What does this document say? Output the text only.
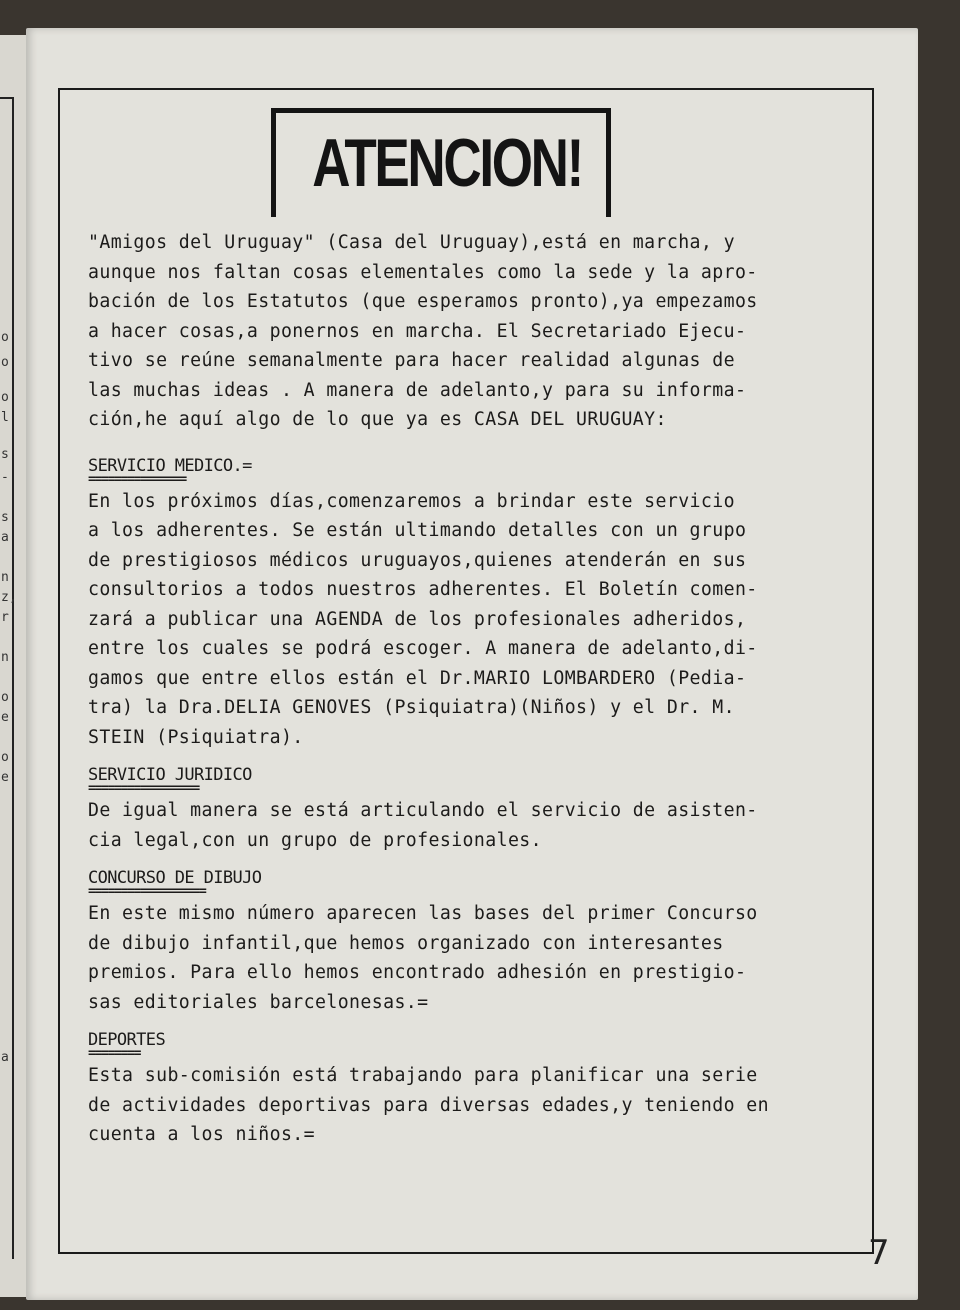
o
o
o
l
s
-
s
a
n
z,
r
n
o
e
o
e
a
ATENCION!
"Amigos del Uruguay" (Casa del Uruguay),está en marcha, y
aunque nos faltan cosas elementales como la sede y la apro-
bación de los Estatutos (que esperamos pronto),ya empezamos
a hacer cosas,a ponernos en marcha. El Secretariado Ejecu-
tivo se reúne semanalmente para hacer realidad algunas de
las muchas ideas . A manera de adelanto,y para su informa-
ción,he aquí algo de lo que ya es CASA DEL URUGUAY:
SERVICIO MEDICO.=
===============
En los próximos días,comenzaremos a brindar este servicio
a los adherentes. Se están ultimando detalles con un grupo
de prestigiosos médicos uruguayos,quienes atenderán en sus
consultorios a todos nuestros adherentes. El Boletín comen-
zará a publicar una AGENDA de los profesionales adheridos,
entre los cuales se podrá escoger. A manera de adelanto,di-
gamos que entre ellos están el Dr.MARIO LOMBARDERO (Pedia-
tra) la Dra.DELIA GENOVES (Psiquiatra)(Niños) y el Dr. M.
STEIN (Psiquiatra).
SERVICIO JURIDICO
=================
De igual manera se está articulando el servicio de asisten-
cia legal,con un grupo de profesionales.
CONCURSO DE DIBUJO
==================
En este mismo número aparecen las bases del primer Concurso
de dibujo infantil,que hemos organizado con interesantes
premios. Para ello hemos encontrado adhesión en prestigio-
sas editoriales barcelonesas.=
DEPORTES
========
Esta sub-comisión está trabajando para planificar una serie
de actividades deportivas para diversas edades,y teniendo en
cuenta a los niños.=
7
